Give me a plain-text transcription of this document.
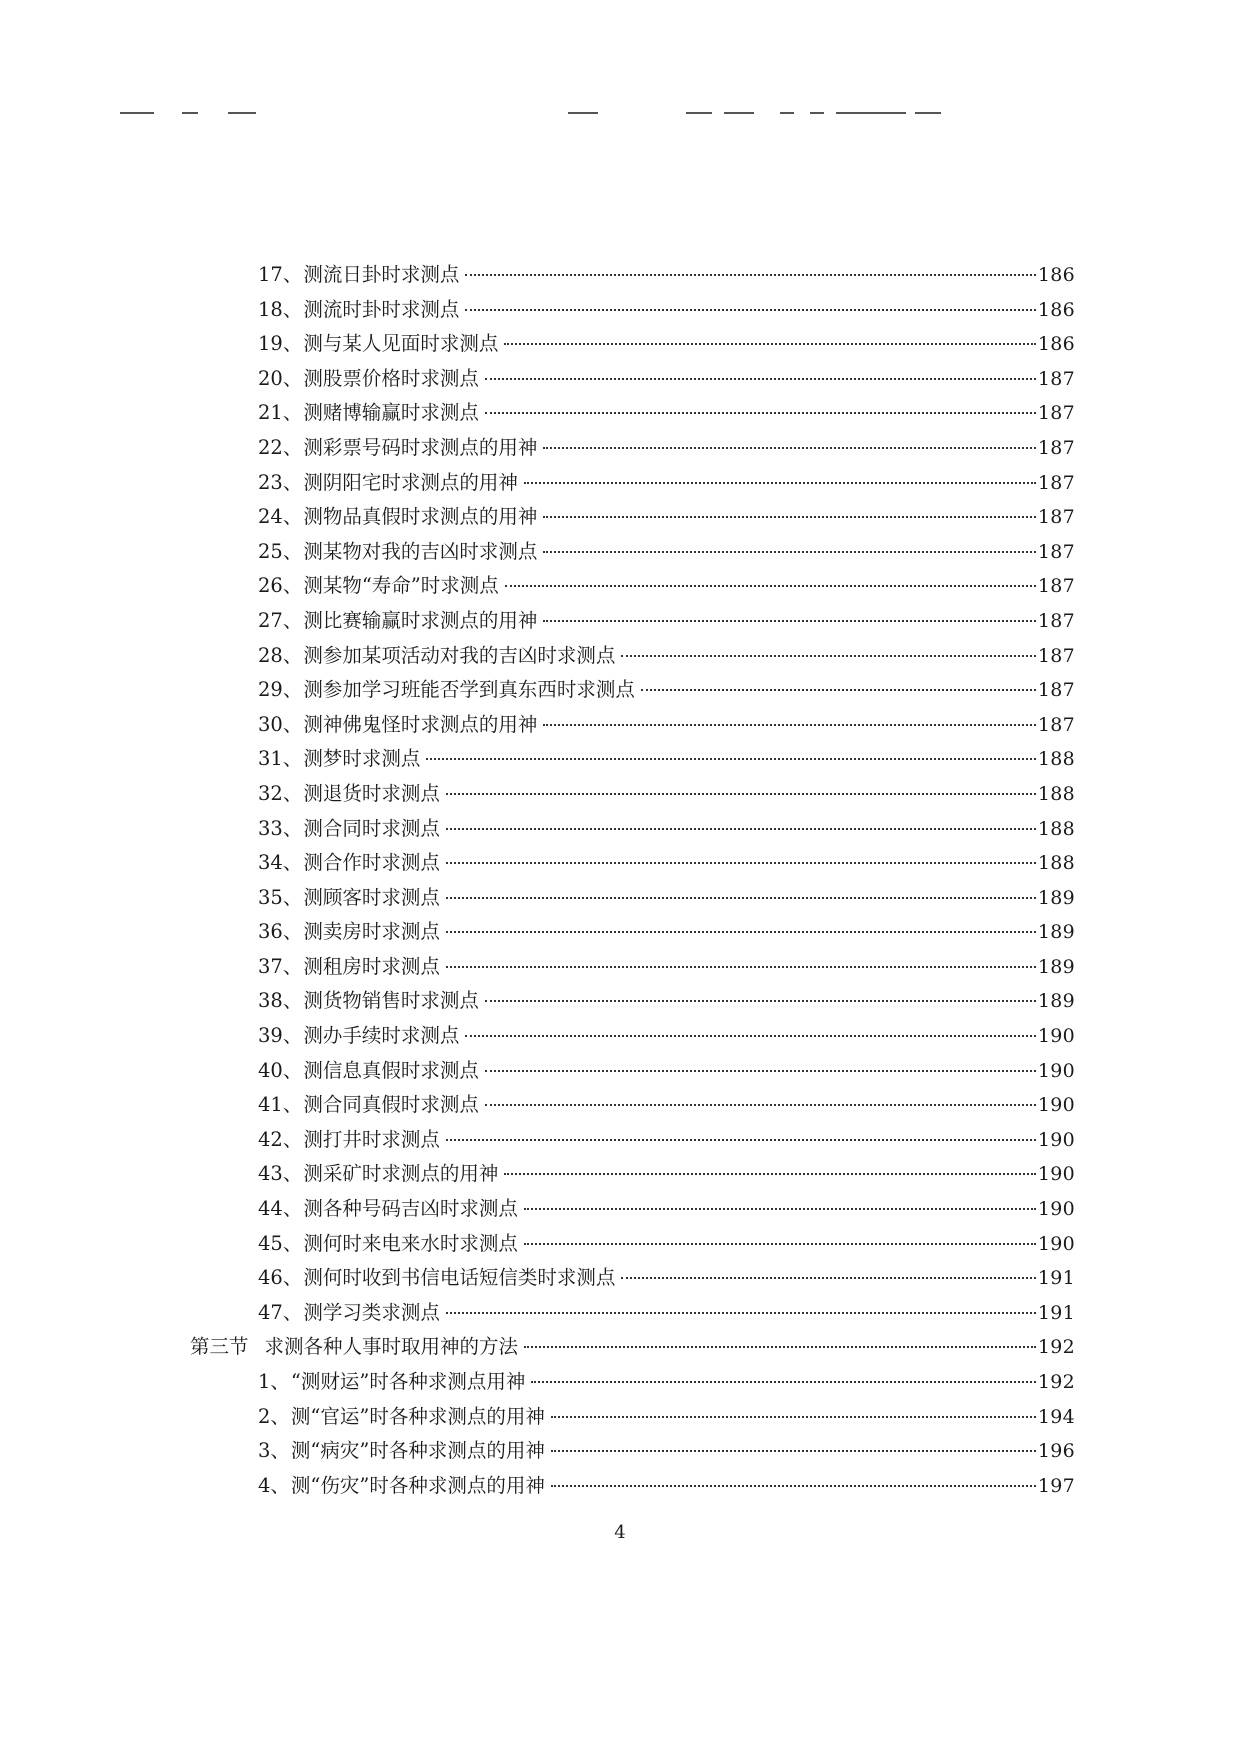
17、 测流日卦时求测点	186
18、 测流时卦时求测点	186
19、 测与某人见面时求测点	186
20、 测股票价格时求测点	187
21、 测赌博输赢时求测点	187
22、 测彩票号码时求测点的用神	187
23、 测阴阳宅时求测点的用神	187
24、 测物品真假时求测点的用神	187
25、 测某物对我的吉凶时求测点	187
26、 测某物“寿命”时求测点	187
27、 测比赛输赢时求测点的用神	187
28、 测参加某项活动对我的吉凶时求测点	187
29、 测参加学习班能否学到真东西时求测点	187
30、 测神佛鬼怪时求测点的用神	187
31、 测梦时求测点	188
32、 测退货时求测点	188
33、 测合同时求测点	188
34、 测合作时求测点	188
35、 测顾客时求测点	189
36、 测卖房时求测点	189
37、 测租房时求测点	189
38、 测货物销售时求测点	189
39、 测办手续时求测点	190
40、 测信息真假时求测点	190
41、 测合同真假时求测点	190
42、 测打井时求测点	190
43、 测采矿时求测点的用神	190
44、 测各种号码吉凶时求测点	190
45、 测何时来电来水时求测点	190
46、 测何时收到书信电话短信类时求测点	191
47、 测学习类求测点	191
第三节 求测各种人事时取用神的方法	192
1、 “测财运”时各种求测点用神	192
2、 测“官运”时各种求测点的用神	194
3、 测“病灾”时各种求测点的用神	196
4、 测“伤灾”时各种求测点的用神	197
4
